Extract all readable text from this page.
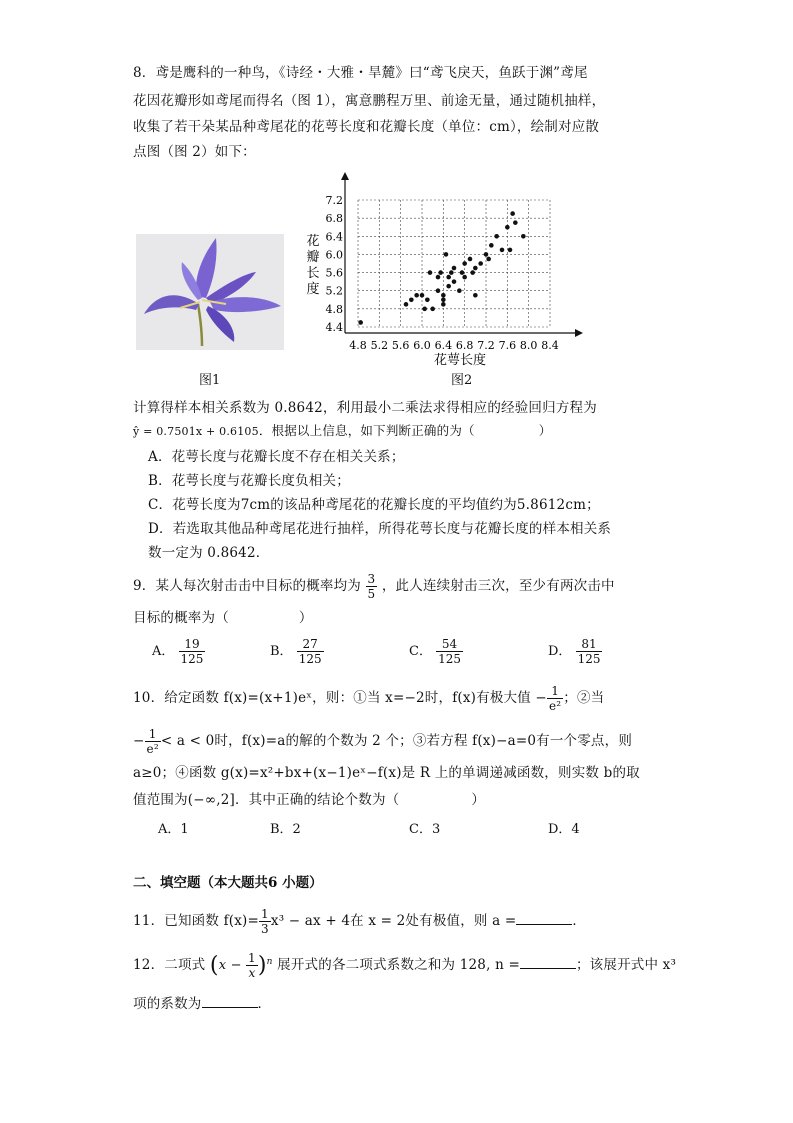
8．鸢是鹰科的一种鸟，《诗经・大雅・旱麓》曰“鸢飞戾天，鱼跃于渊”鸢尾
花因花瓣形如鸢尾而得名（图 1），寓意鹏程万里、前途无量，通过随机抽样，
收集了若干朵某品种鸢尾花的花萼长度和花瓣长度（单位：cm），绘制对应散
点图（图 2）如下：
4.8 5.2 5.6 6.0 6.4 6.8 7.2 7.6 8.0 8.4
4.4
4.8
5.2
5.6
6.0
6.4
6.8
7.2
花萼长度
花
瓣
长
度
图1	图2
计算得样本相关系数为 0.8642，利用最小二乘法求得相应的经验回归方程为
ŷ = 0.7501x + 0.6105．根据以上信息，如下判断正确的为（	）
A．花萼长度与花瓣长度不存在相关关系；
B．花萼长度与花瓣长度负相关；
C．花萼长度为7cm的该品种鸢尾花的花瓣长度的平均值约为5.8612cm；
D．若选取其他品种鸢尾花进行抽样，所得花萼长度与花瓣长度的样本相关系
数一定为 0.8642．
9．某人每次射击击中目标的概率均为 $\frac{3}{5}$ ，此人连续射击三次，至少有两次击中
目标的概率为（	）
A． $\frac{19}{125}$	B． $\frac{27}{125}$	C． $\frac{54}{125}$	D． $\frac{81}{125}$
10．给定函数 f(x)=(x+1)eˣ，则：①当 x=−2时，f(x)有极大值 − $\frac{1}{\text{e²}}$ ；②当
− $\frac{1}{\text{e²}} < a < 0$时，f(x)=a的解的个数为 2 个；③若方程 f(x)−a=0有一个零点，则
a≥0；④函数 g(x)=x²+bx+(x−1)eˣ−f(x)是 R 上的单调递减函数，则实数 b的取
值范围为(−∞,2]．其中正确的结论个数为（	）
A．1	B．2	C．3	D．4
二、填空题（本大题共6 小题）
11．已知函数 $f(x)= \frac{1}{3} x^3$ − ax + 4在 x = 2处有极值，则 a =	．
12．二项式 $(x - \frac{1}{x} )^n$ 展开式的各二项式系数之和为 128, n =	；该展开式中 x³
项的系数为	．
